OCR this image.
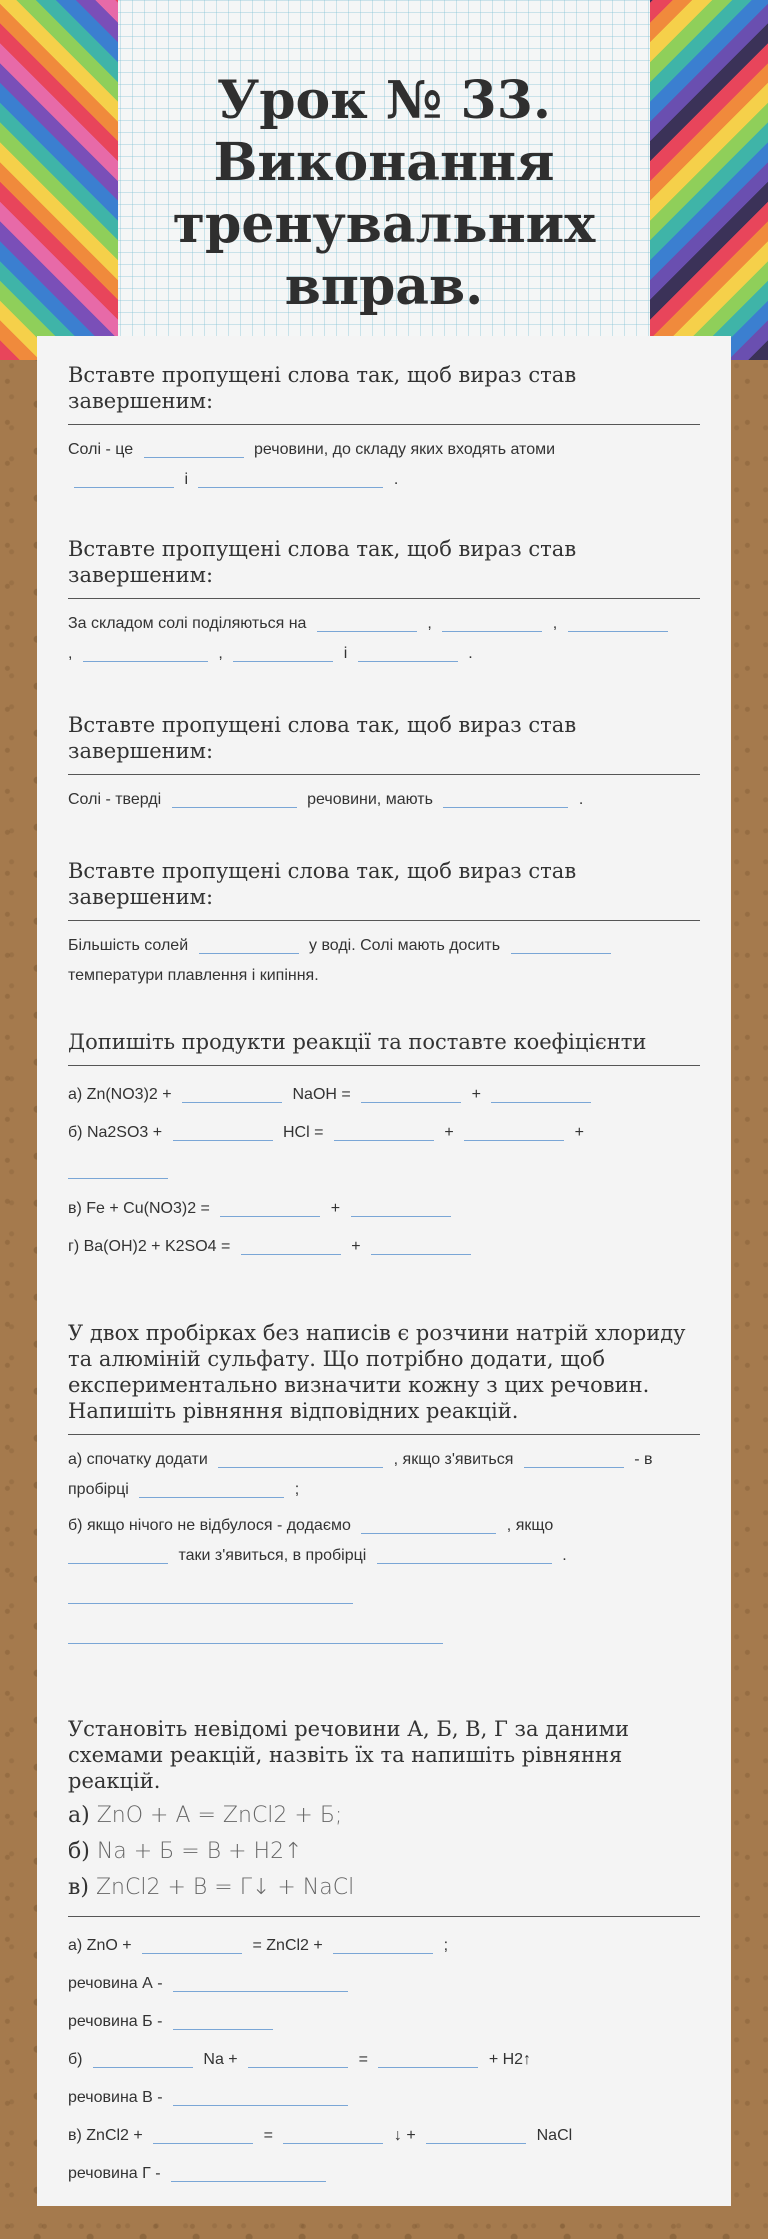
Урок № 33.
Виконання
тренувальних вправ.
Вставте пропущені слова так, щоб вираз став завершеним:
Солі - це	речовини, до складу яких входять атоми
і	.
Вставте пропущені слова так, щоб вираз став завершеним:
За складом солі поділяються на	,	,
,	,	і	.
Вставте пропущені слова так, щоб вираз став завершеним:
Солі - тверді	речовини, мають	.
Вставте пропущені слова так, щоб вираз став завершеним:
Більшість солей	у воді. Солі мають досить
температури плавлення і кипіння.
Допишіть продукти реакції та поставте коефіцієнти
а) Zn(NO3)2 +	NaOH =	+
б) Na2SO3 +	HCl =	+	+
в) Fe + Cu(NO3)2 =	+
г) Ba(OH)2 + K2SO4 =	+
У двох пробірках без написів є розчини натрій хлориду та алюміній сульфату. Що потрібно додати, щоб експериментально визначити кожну з цих речовин. Напишіть рівняння відповідних реакцій.
а) спочатку додати	, якщо з'явиться	- в
пробірці	;
б) якщо нічого не відбулося - додаємо	, якщо
таки з'явиться, в пробірці	.
Установіть невідомі речовини А, Б, В, Г за даними схемами реакцій, назвіть їх та напишіть рівняння реакцій.
а) ZnO + А = ZnCl2 + Б;
б) Na + Б = В + H2↑
в) ZnCl2 + В = Г↓ + NaCl
а) ZnO +	= ZnCl2 +	;
речовина А -
речовина Б -
б)	Na +	=	+ H2↑
речовина В -
в) ZnCl2 +	=	↓ +	NaCl
речовина Г -
